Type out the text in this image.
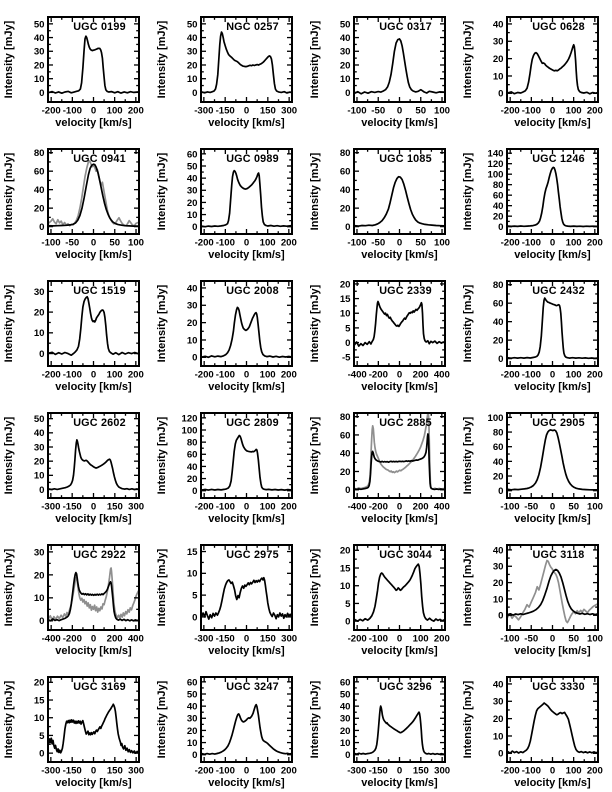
-200 -100 0 100 200
0
10
20
30
40
50	UGC 0199
velocity [km/s]
Intensity [mJy]
-300 -150 0 150 300
0
10
20
30
40
50	NGC 0257
velocity [km/s]
Intensity [mJy]
-100 -50 0 50 100
0
10
20
30
40
50	UGC 0317
velocity [km/s]
Intensity [mJy]
-200 -100 0 100 200
0
10
20
30
40	UGC 0628
velocity [km/s]
Intensity [mJy]
-100 -50 0 50 100
0
20
40
60
80	UGC 0941
velocity [km/s]
Intensity [mJy]
-200 -100 0 100 200
0
10
20
30
40
50
60	UGC 0989
velocity [km/s]
Intensity [mJy]
-100 -50 0 50 100
0
20
40
60
80	UGC 1085
velocity [km/s]
Intensity [mJy]
-200 -100 0 100 200
0
20
40
60
80
100
120
140	UGC 1246
velocity [km/s]
Intensity [mJy]
-200 -100 0 100 200
0
10
20
30	UGC 1519
velocity [km/s]
Intensity [mJy]
-200 -100 0 100 200
0
10
20
30
40	UGC 2008
velocity [km/s]
Intensity [mJy]
-400 -200 0 200 400
-5
0
5
10
15
20
UGC 2339
velocity [km/s]
Intensity [mJy]
-200 -100 0 100 200
0
20
40
60
80	UGC 2432
velocity [km/s]
Intensity [mJy]
-300 -150 0 150 300
0
10
20
30
40
50	UGC 2602
velocity [km/s]
Intensity [mJy]
-200 -100 0 100 200
0
20
40
60
80
100
120	UGC 2809
velocity [km/s]
Intensity [mJy]
-400 -200 0 200 400
0
20
40
60
80	UGC 2885
velocity [km/s]
Intensity [mJy]
-100 -50 0 50 100
0
20
40
60
80
100	UGC 2905
velocity [km/s]
Intensity [mJy]
-400 -200 0 200 400
0
10
20
30	UGC 2922
velocity [km/s]
Intensity [mJy]
-300 -150 0 150 300
0
5
10
15	UGC 2975
velocity [km/s]
Intensity [mJy]
-200 -100 0 100 200
0
5
10
15
20	UGC 3044
velocity [km/s]
Intensity [mJy]
-100 -50 0 50 100
0
10
20
30
40	UGC 3118
velocity [km/s]
Intensity [mJy]
-300 -150 0 150 300
0
5
10
15
20	UGC 3169
velocity [km/s]
Intensity [mJy]
-200 -100 0 100 200
0
10
20
30
40
50
60	UGC 3247
velocity [km/s]
Intensity [mJy]
-300 -150 0 150 300
0
10
20
30
40
50
60	UGC 3296
velocity [km/s]
Intensity [mJy]
-200 -100 0 100 200
0
10
20
30
40	UGC 3330
velocity [km/s]
Intensity [mJy]
